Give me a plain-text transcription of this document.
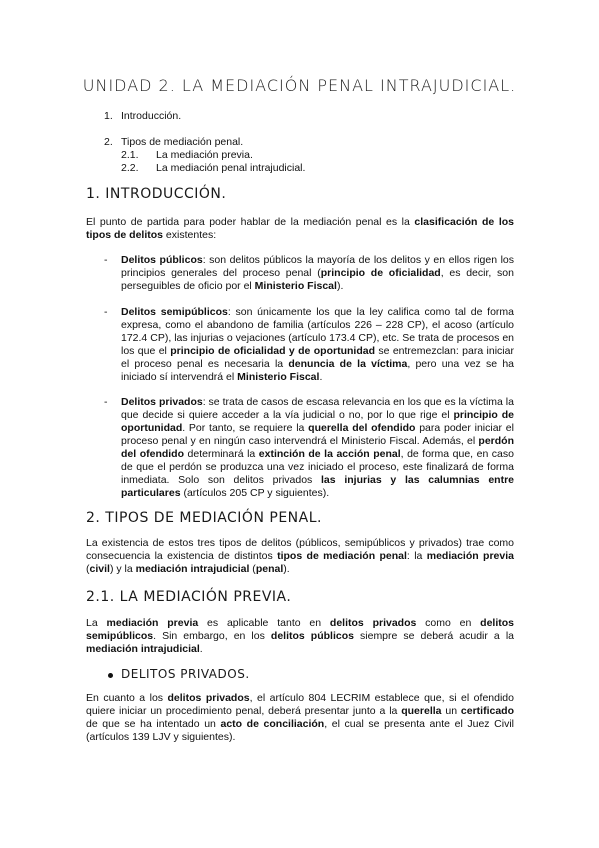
UNIDAD 2. LA MEDIACIÓN PENAL INTRAJUDICIAL.
1. Introducción.
2. Tipos de mediación penal.
2.1. La mediación previa.
2.2. La mediación penal intrajudicial.
1. INTRODUCCIÓN.
El punto de partida para poder hablar de la mediación penal es la clasificación de los tipos de delitos existentes:
- Delitos públicos: son delitos públicos la mayoría de los delitos y en ellos rigen los principios generales del proceso penal (principio de oficialidad, es decir, son perseguibles de oficio por el Ministerio Fiscal).
- Delitos semipúblicos: son únicamente los que la ley califica como tal de forma expresa, como el abandono de familia (artículos 226 – 228 CP), el acoso (artículo 172.4 CP), las injurias o vejaciones (artículo 173.4 CP), etc. Se trata de procesos en los que el principio de oficialidad y de oportunidad se entremezclan: para iniciar el proceso penal es necesaria la denuncia de la víctima, pero una vez se ha iniciado sí intervendrá el Ministerio Fiscal.
- Delitos privados: se trata de casos de escasa relevancia en los que es la víctima la que decide si quiere acceder a la vía judicial o no, por lo que rige el principio de oportunidad. Por tanto, se requiere la querella del ofendido para poder iniciar el proceso penal y en ningún caso intervendrá el Ministerio Fiscal. Además, el perdón del ofendido determinará la extinción de la acción penal, de forma que, en caso de que el perdón se produzca una vez iniciado el proceso, este finalizará de forma inmediata. Solo son delitos privados las injurias y las calumnias entre particulares (artículos 205 CP y siguientes).
2. TIPOS DE MEDIACIÓN PENAL.
La existencia de estos tres tipos de delitos (públicos, semipúblicos y privados) trae como consecuencia la existencia de distintos tipos de mediación penal: la mediación previa (civil) y la mediación intrajudicial (penal).
2.1. LA MEDIACIÓN PREVIA.
La mediación previa es aplicable tanto en delitos privados como en delitos semipúblicos. Sin embargo, en los delitos públicos siempre se deberá acudir a la mediación intrajudicial.
DELITOS PRIVADOS.
En cuanto a los delitos privados, el artículo 804 LECRIM establece que, si el ofendido quiere iniciar un procedimiento penal, deberá presentar junto a la querella un certificado de que se ha intentado un acto de conciliación, el cual se presenta ante el Juez Civil (artículos 139 LJV y siguientes).
